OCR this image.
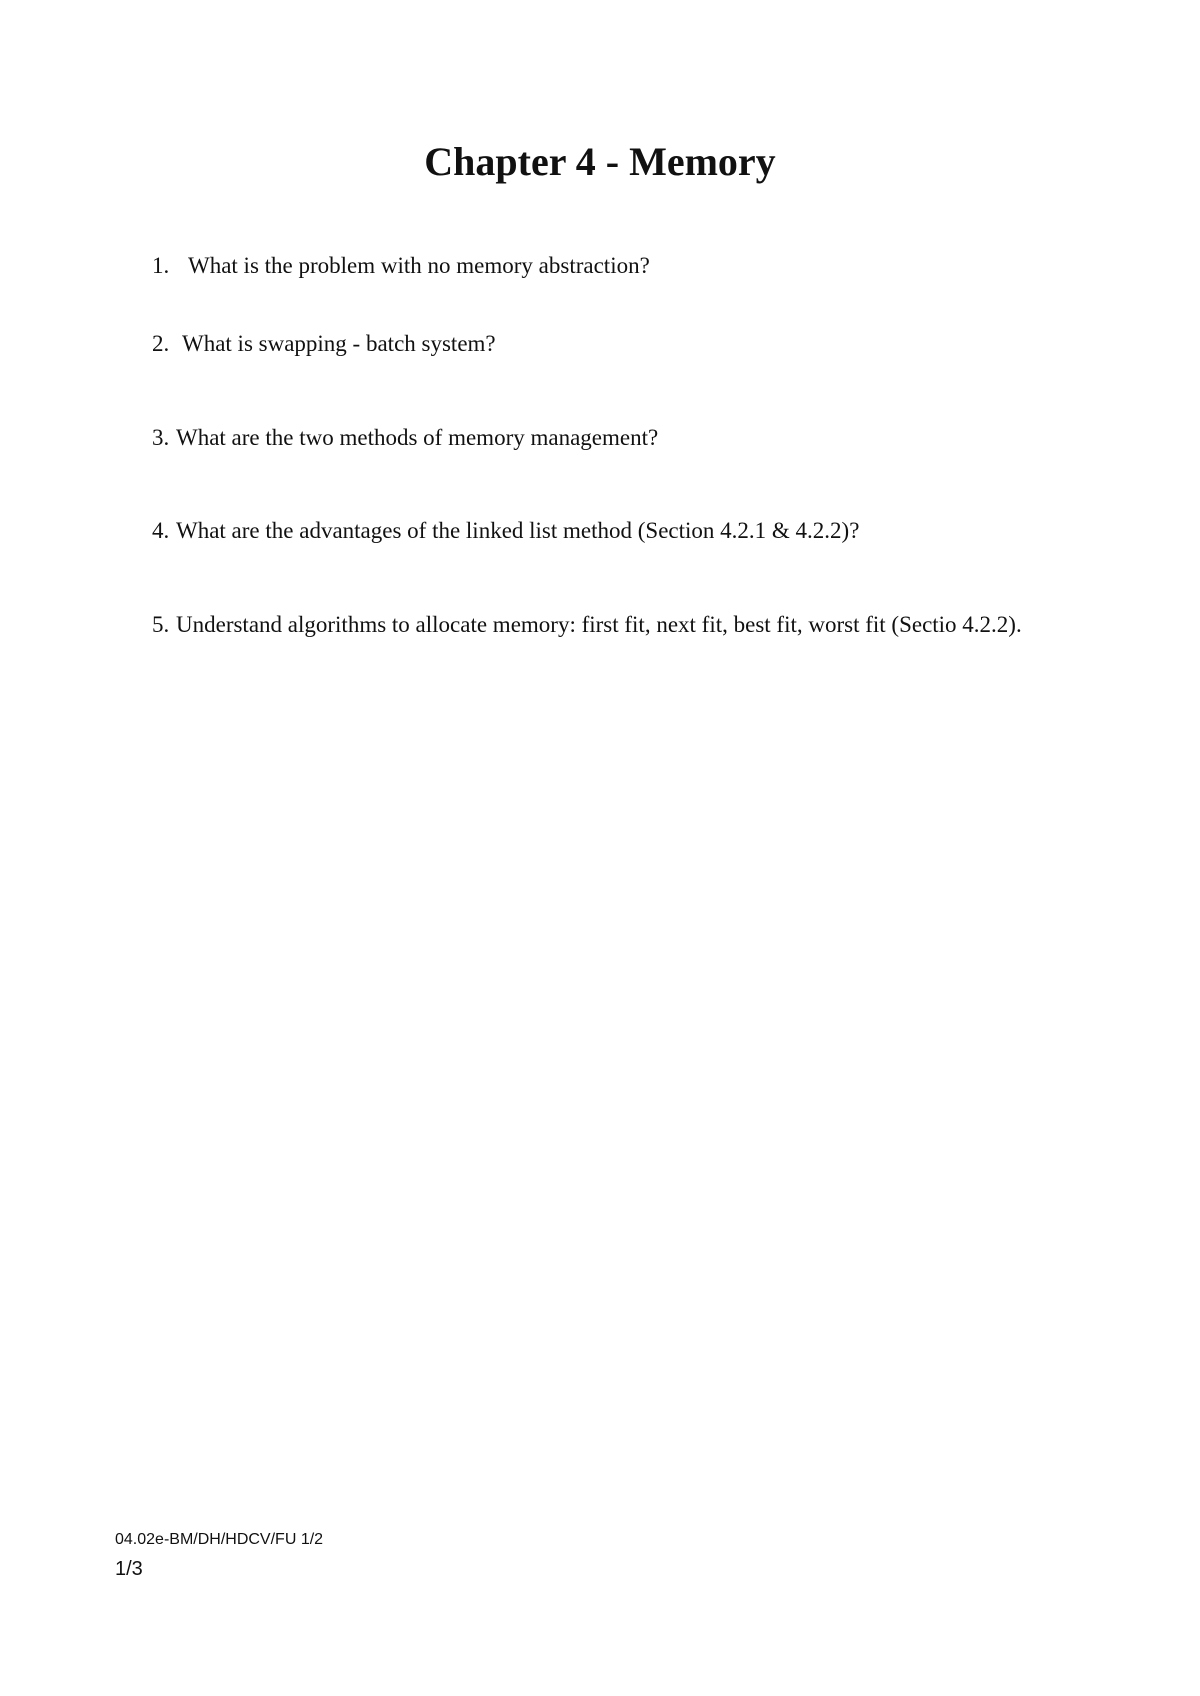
Chapter 4 - Memory

1. What is the problem with no memory abstraction?

2. What is swapping - batch system?

3. What are the two methods of memory management?

4. What are the advantages of the linked list method (Section 4.2.1 & 4.2.2)?

5. Understand algorithms to allocate memory: first fit, next fit, best fit, worst fit (Sectio 4.2.2).

04.02e-BM/DH/HDCV/FU 1/2
1/3
